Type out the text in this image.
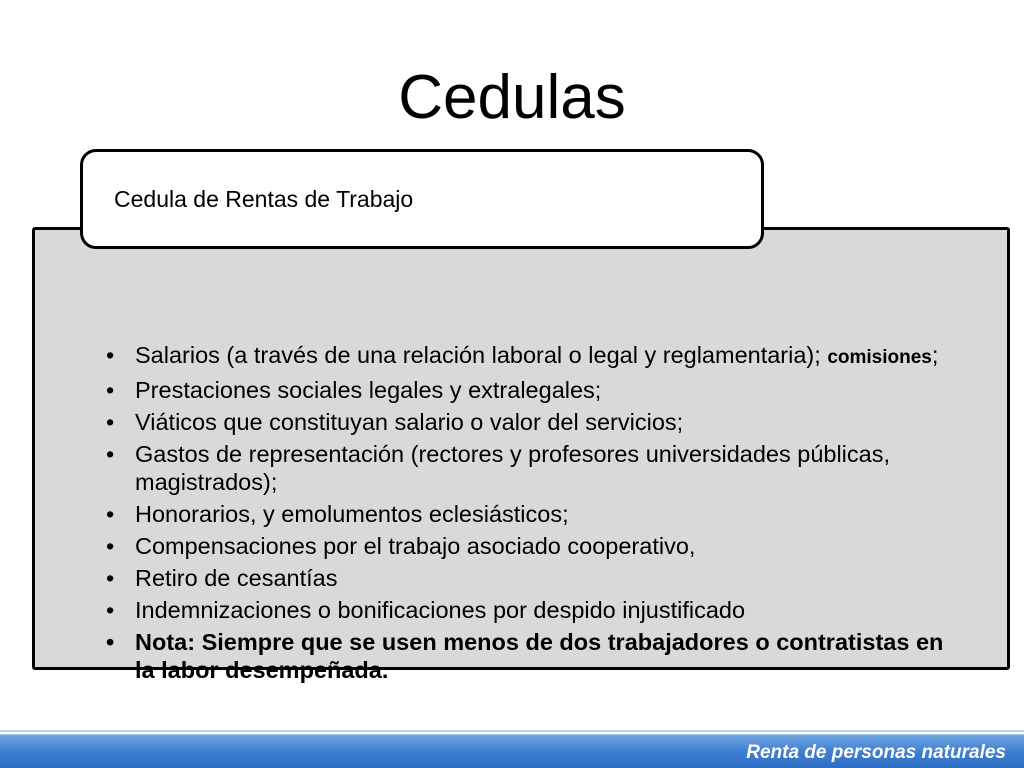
Cedulas
Cedula de Rentas de Trabajo
• Salarios (a través de una relación laboral o legal y reglamentaria); comisiones;
• Prestaciones sociales legales y extralegales;
• Viáticos que constituyan salario o valor del servicios;
• Gastos de representación (rectores y profesores universidades públicas, magistrados);
• Honorarios, y emolumentos eclesiásticos;
• Compensaciones por el trabajo asociado cooperativo,
• Retiro de cesantías
• Indemnizaciones o bonificaciones por despido injustificado
• Nota: Siempre que se usen menos de dos trabajadores o contratistas en la labor desempeñada.
Renta de personas naturales
